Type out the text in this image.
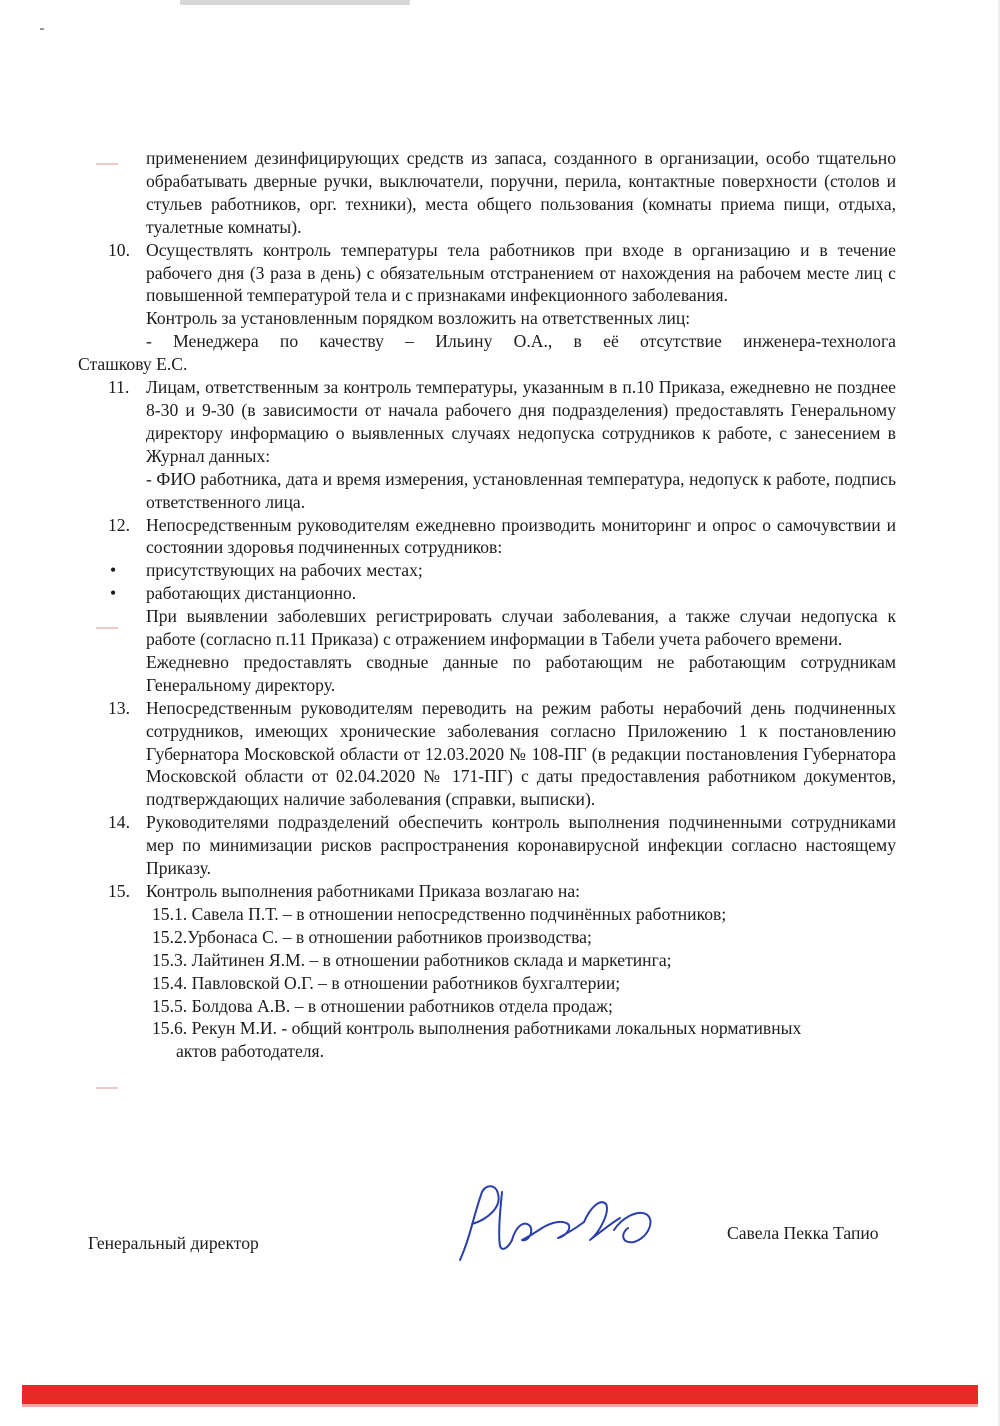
применением дезинфицирующих средств из запаса, созданного в организации, особо тщательно обрабатывать дверные ручки, выключатели, поручни, перила, контактные поверхности (столов и стульев работников, орг. техники), места общего пользования (комнаты приема пищи, отдыха, туалетные комнаты).

10. Осуществлять контроль температуры тела работников при входе в организацию и в течение рабочего дня (3 раза в день) с обязательным отстранением от нахождения на рабочем месте лиц с повышенной температурой тела и с признаками инфекционного заболевания.

Контроль за установленным порядком возложить на ответственных лиц:

- Менеджера по качеству – Ильину О.А., в её отсутствие инженера-технолога

Сташкову Е.С.

11. Лицам, ответственным за контроль температуры, указанным в п.10 Приказа, ежедневно не позднее 8-30 и 9-30 (в зависимости от начала рабочего дня подразделения) предоставлять Генеральному директору информацию о выявленных случаях недопуска сотрудников к работе, с занесением в Журнал данных:

- ФИО работника, дата и время измерения, установленная температура, недопуск к работе, подпись ответственного лица.

12. Непосредственным руководителям ежедневно производить мониторинг и опрос о самочувствии и состоянии здоровья подчиненных сотрудников:
• присутствующих на рабочих местах;
• работающих дистанционно.

При выявлении заболевших регистрировать случаи заболевания, а также случаи недопуска к работе (согласно п.11 Приказа) с отражением информации в Табели учета рабочего времени.

Ежедневно предоставлять сводные данные по работающим не работающим сотрудникам Генеральному директору.

13. Непосредственным руководителям переводить на режим работы нерабочий день подчиненных сотрудников, имеющих хронические заболевания согласно Приложению 1 к постановлению Губернатора Московской области от 12.03.2020 № 108-ПГ (в редакции постановления Губернатора Московской области от 02.04.2020 № 171-ПГ) с даты предоставления работником документов, подтверждающих наличие заболевания (справки, выписки).
14. Руководителями подразделений обеспечить контроль выполнения подчиненными сотрудниками мер по минимизации рисков распространения коронавирусной инфекции согласно настоящему Приказу.
15. Контроль выполнения работниками Приказа возлагаю на:

15.1. Савела П.Т. – в отношении непосредственно подчинённых работников;

15.2.Урбонаса С. – в отношении работников производства;

15.3. Лайтинен Я.М. – в отношении работников склада и маркетинга;

15.4. Павловской О.Г. – в отношении работников бухгалтерии;

15.5. Болдова А.В. – в отношении работников отдела продаж;

15.6. Рекун М.И. - общий контроль выполнения работниками локальных нормативных

актов работодателя.

Генеральный директор	Савела Пекка Тапио
